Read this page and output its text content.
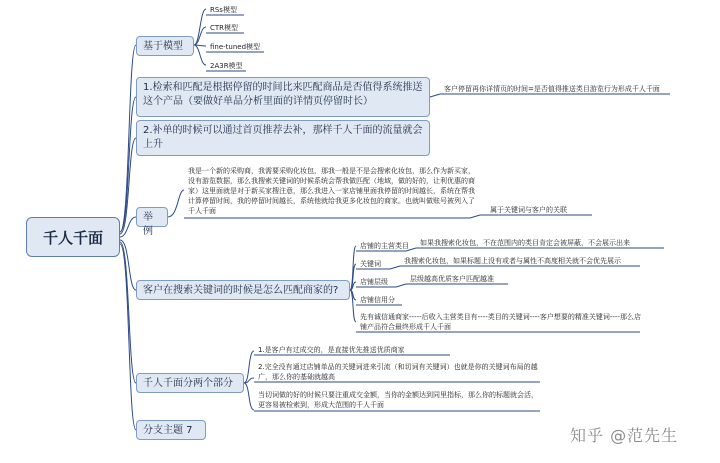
千人千面
基于模型
RSs模型
CTR模型
fine-tuned模型
2A3R模型
1.检索和匹配是根据停留的时间比来匹配商品是否值得系统推送这个产品（要做好单品分析里面的详情页停留时长）
客户停留再你详情页的时间=是否值得推送类目游览行为形成千人千面
2.补单的时候可以通过首页推荐去补，那样千人千面的流量就会上升
举例
我是一个新的采购商，我需要采购化妆包，那我一般是不是会搜索化妆包，那么作为新买家，没有游览数据，那么我搜索关键词的时候系统会帮我做匹配（地域，做的好的，让利优惠的商家）这里面就是对于新买家搜注意，那么我进入一家店铺里面我停留的时间越长，系统在帮我计算停留时间，我的停留时间越长，系统他就给我更多化妆包的商家。也就叫做账号被列入了千人千面	属于关键词与客户的关联
客户在搜索关键词的时候是怎么匹配商家的?
店铺的主营类目 如果我搜索化妆包，不在范围内的类目肯定会被屏蔽，不会展示出来
关键词	我搜索化妆包，如果标题上没有或者与属性不高度相关就不会优先展示
店铺层级	层级越高优质客户匹配越准
店铺信用分
先有诚信通商家-----后收入主营类目有----类目的关键词----客户想要的精准关键词----那么店铺产品符合最终形成千人千面
千人千面分两个部分
1.是客户有过成交的，是直接优先推送优质商家
2.完全没有通过店铺单品的关键词进来引流（和切词有关键词）也就是你的关键词布局的越广，那么你的基础就越高
当切词做的好的时候只要注重成交金额，当你的金额达到同里指标，那么你的标题就会活，更容易被检索到，形成大范围的千人千面
分支主题 7	知乎 @范先生
